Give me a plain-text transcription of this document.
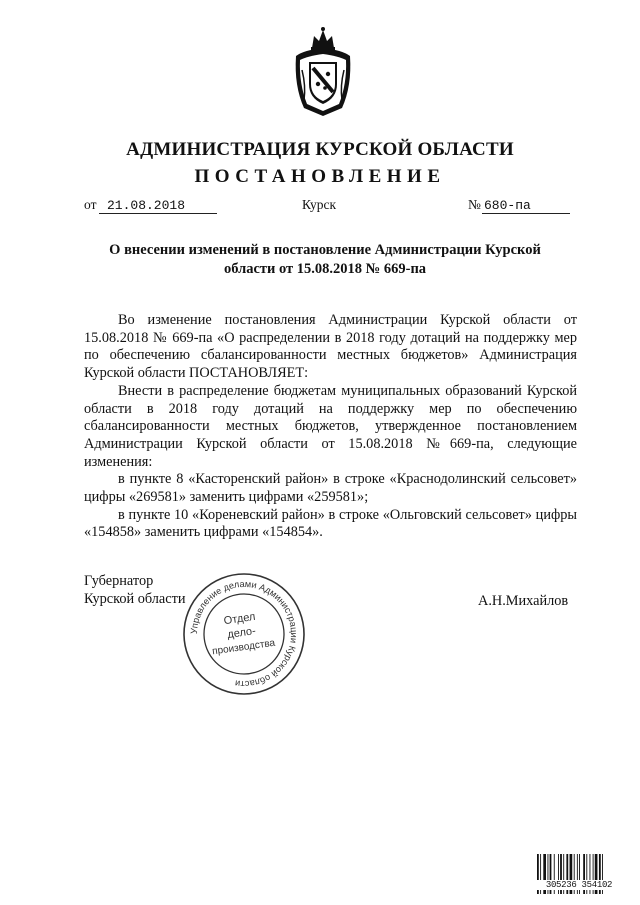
АДМИНИСТРАЦИЯ КУРСКОЙ ОБЛАСТИ
ПОСТАНОВЛЕНИЕ
от 21.08.2018	Курск	№ 680-па
О внесении изменений в постановление Администрации Курской области от 15.08.2018 № 669-па

Во изменение постановления Администрации Курской области от 15.08.2018 № 669-па «О распределении в 2018 году дотаций на поддержку мер по обеспечению сбалансированности местных бюджетов» Администрация Курской области ПОСТАНОВЛЯЕТ:

Внести в распределение бюджетам муниципальных образований Курской области в 2018 году дотаций на поддержку мер по обеспечению сбалансированности местных бюджетов, утвержденное постановлением Администрации Курской области от 15.08.2018 №669-па, следующие изменения:

в пункте 8 «Касторенский район» в строке «Краснодолинский сельсовет» цифры «269581» заменить цифрами «259581»;

в пункте 10 «Кореневский район» в строке «Ольговский сельсовет» цифры «154858» заменить цифрами «154854».

Губернатор
Курской области	А.Н.Михайлов
Управление делами Администрации Курской области
Отдел
дело-
производства
305236 354102
